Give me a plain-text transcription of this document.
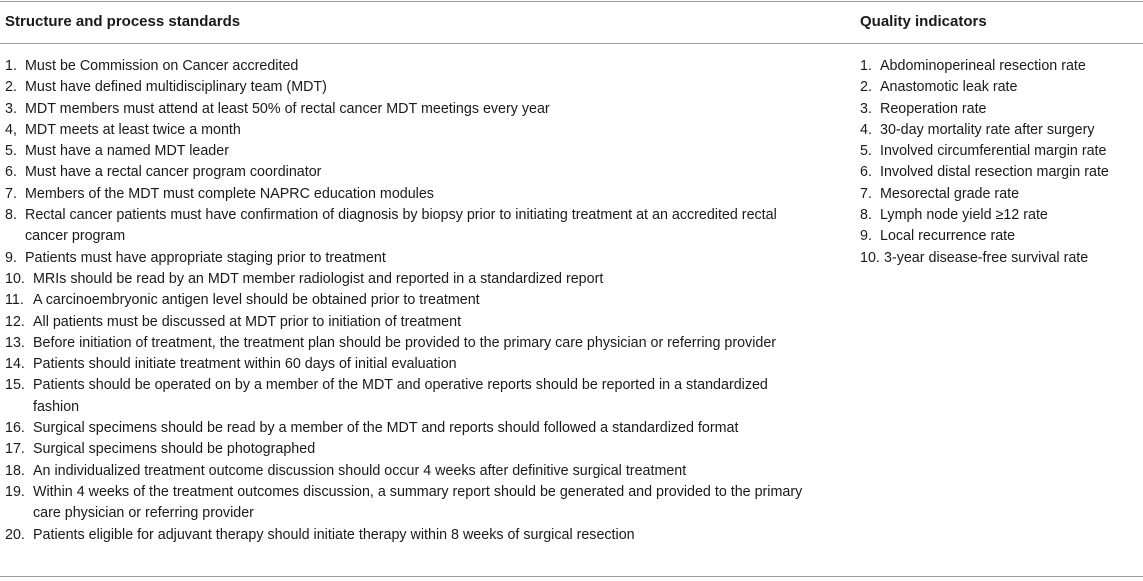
Structure and process standards	Quality indicators
1. Must be Commission on Cancer accredited
2. Must have defined multidisciplinary team (MDT)
3. MDT members must attend at least 50% of rectal cancer MDT meetings every year
4, MDT meets at least twice a month
5. Must have a named MDT leader
6. Must have a rectal cancer program coordinator
7. Members of the MDT must complete NAPRC education modules
8. Rectal cancer patients must have confirmation of diagnosis by biopsy prior to initiating treatment at an accredited rectal cancer program
9. Patients must have appropriate staging prior to treatment
10. MRIs should be read by an MDT member radiologist and reported in a standardized report
11. A carcinoembryonic antigen level should be obtained prior to treatment
12. All patients must be discussed at MDT prior to initiation of treatment
13. Before initiation of treatment, the treatment plan should be provided to the primary care physician or referring provider
14. Patients should initiate treatment within 60 days of initial evaluation
15. Patients should be operated on by a member of the MDT and operative reports should be reported in a standardized fashion
16. Surgical specimens should be read by a member of the MDT and reports should followed a standardized format
17. Surgical specimens should be photographed
18. An individualized treatment outcome discussion should occur 4 weeks after definitive surgical treatment
19. Within 4 weeks of the treatment outcomes discussion, a summary report should be generated and provided to the primary care physician or referring provider
20. Patients eligible for adjuvant therapy should initiate therapy within 8 weeks of surgical resection
1. Abdominoperineal resection rate
2. Anastomotic leak rate
3. Reoperation rate
4. 30-day mortality rate after surgery
5. Involved circumferential margin rate
6. Involved distal resection margin rate
7. Mesorectal grade rate
8. Lymph node yield ≥12 rate
9. Local recurrence rate
10. 3-year disease-free survival rate
